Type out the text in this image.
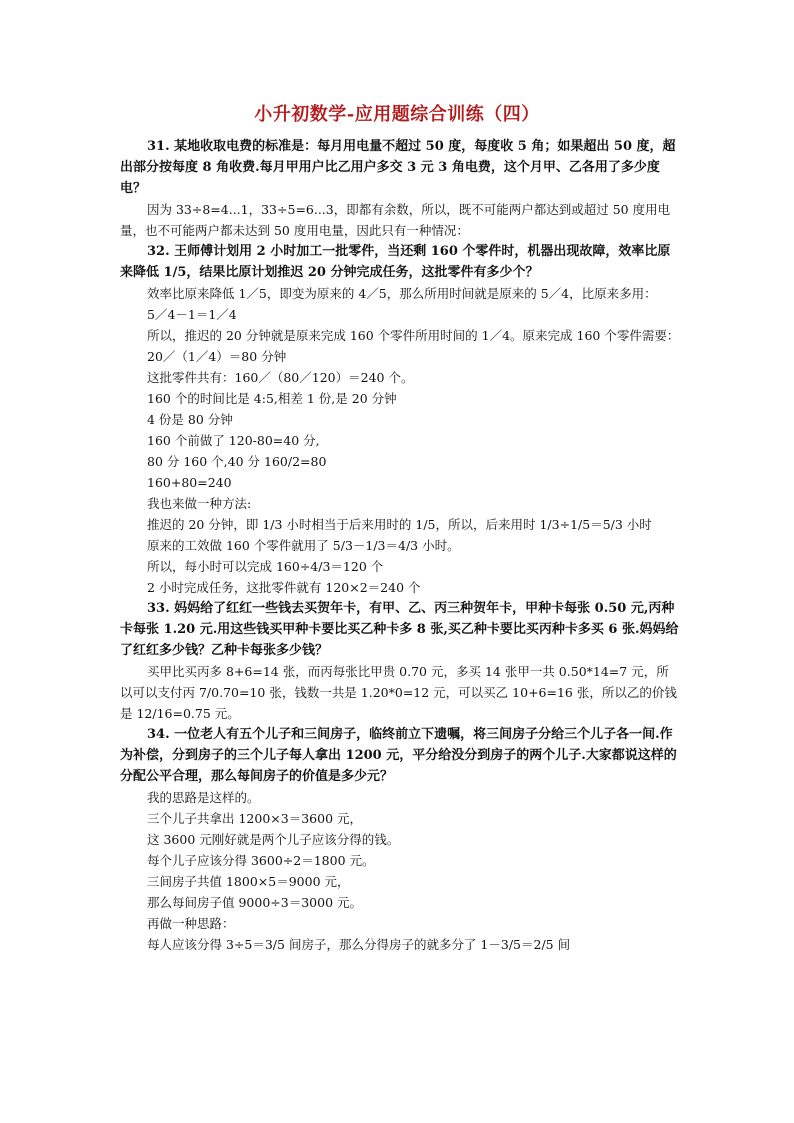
小升初数学-应用题综合训练（四）

31. 某地收取电费的标准是：每月用电量不超过 50 度，每度收 5 角；如果超出 50 度，超出部分按每度 8 角收费.每月甲用户比乙用户多交 3 元 3 角电费，这个月甲、乙各用了多少度电？

因为 33÷8=4...1，33÷5=6...3，即都有余数，所以，既不可能两户都达到或超过 50 度用电量，也不可能两户都未达到 50 度用电量，因此只有一种情况：

32. 王师傅计划用 2 小时加工一批零件，当还剩 160 个零件时，机器出现故障，效率比原来降低 1/5，结果比原计划推迟 20 分钟完成任务，这批零件有多少个？

效率比原来降低 1／5，即变为原来的 4／5，那么所用时间就是原来的 5／4，比原来多用：

5／4－1＝1／4

所以，推迟的 20 分钟就是原来完成 160 个零件所用时间的 1／4。原来完成 160 个零件需要：

20／（1／4）＝80 分钟

这批零件共有：160／（80／120）＝240 个。

160 个的时间比是 4:5,相差 1 份,是 20 分钟

4 份是 80 分钟

160 个前做了 120-80=40 分,

80 分 160 个,40 分 160/2=80

160+80=240

我也来做一种方法:

推迟的 20 分钟，即 1/3 小时相当于后来用时的 1/5，所以，后来用时 1/3÷1/5＝5/3 小时

原来的工效做 160 个零件就用了 5/3－1/3＝4/3 小时。

所以，每小时可以完成 160÷4/3＝120 个

2 小时完成任务，这批零件就有 120×2＝240 个

33. 妈妈给了红红一些钱去买贺年卡，有甲、乙、丙三种贺年卡，甲种卡每张 0.50 元,丙种卡每张 1.20 元.用这些钱买甲种卡要比买乙种卡多 8 张,买乙种卡要比买丙种卡多买 6 张.妈妈给了红红多少钱？乙种卡每张多少钱？

买甲比买丙多 8+6=14 张，而丙每张比甲贵 0.70 元，多买 14 张甲一共 0.50*14=7 元，所以可以支付丙 7/0.70=10 张，钱数一共是 1.20*0=12 元，可以买乙 10+6=16 张，所以乙的价钱是 12/16=0.75 元。

34. 一位老人有五个儿子和三间房子，临终前立下遗嘱，将三间房子分给三个儿子各一间.作为补偿，分到房子的三个儿子每人拿出 1200 元，平分给没分到房子的两个儿子.大家都说这样的分配公平合理，那么每间房子的价值是多少元？

我的思路是这样的。

三个儿子共拿出 1200×3＝3600 元，

这 3600 元刚好就是两个儿子应该分得的钱。

每个儿子应该分得 3600÷2＝1800 元。

三间房子共值 1800×5＝9000 元，

那么每间房子值 9000÷3＝3000 元。

再做一种思路：

每人应该分得 3÷5＝3/5 间房子，那么分得房子的就多分了 1－3/5＝2/5 间
